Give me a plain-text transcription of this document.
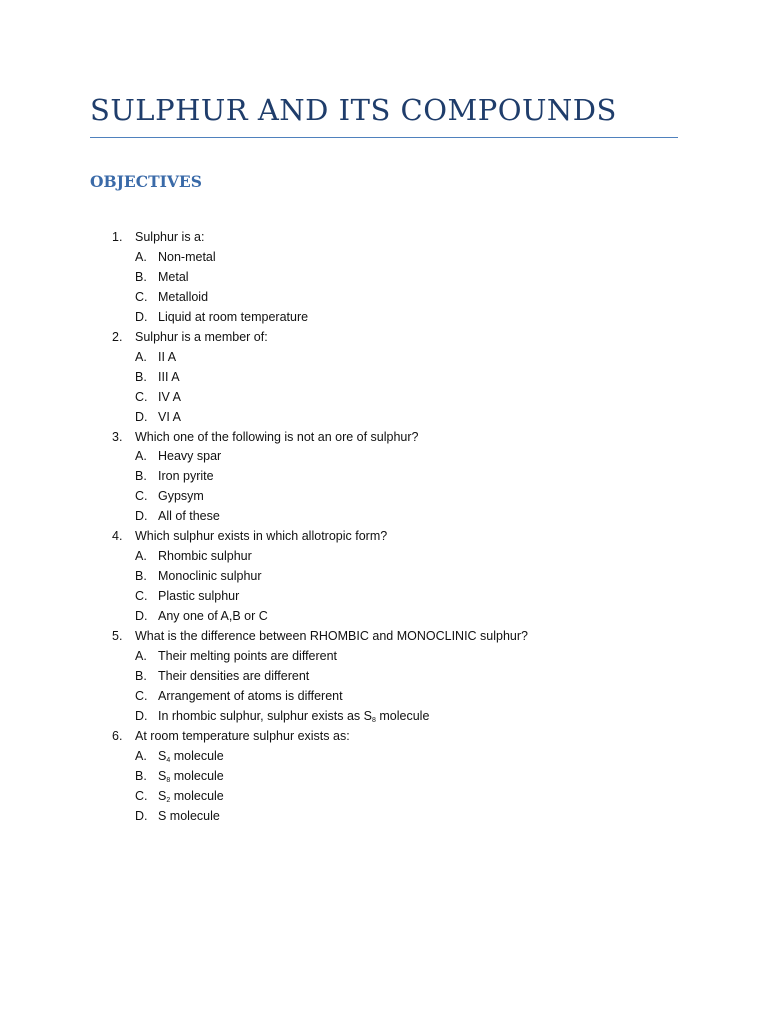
SULPHUR AND ITS COMPOUNDS
OBJECTIVES
1. Sulphur is a:
A. Non-metal
B. Metal
C. Metalloid
D. Liquid at room temperature
2. Sulphur is a member of:
A. II A
B. III A
C. IV A
D. VI A
3. Which one of the following is not an ore of sulphur?
A. Heavy spar
B. Iron pyrite
C. Gypsym
D. All of these
4. Which sulphur exists in which allotropic form?
A. Rhombic sulphur
B. Monoclinic sulphur
C. Plastic sulphur
D. Any one of A,B or C
5. What is the difference between RHOMBIC and MONOCLINIC sulphur?
A. Their melting points are different
B. Their densities are different
C. Arrangement of atoms is different
D. In rhombic sulphur, sulphur exists as $S_8$ molecule
6. At room temperature sulphur exists as:
A. $S_4$ molecule
B. $S_8$ molecule
C. $S_2$ molecule
D. S molecule
